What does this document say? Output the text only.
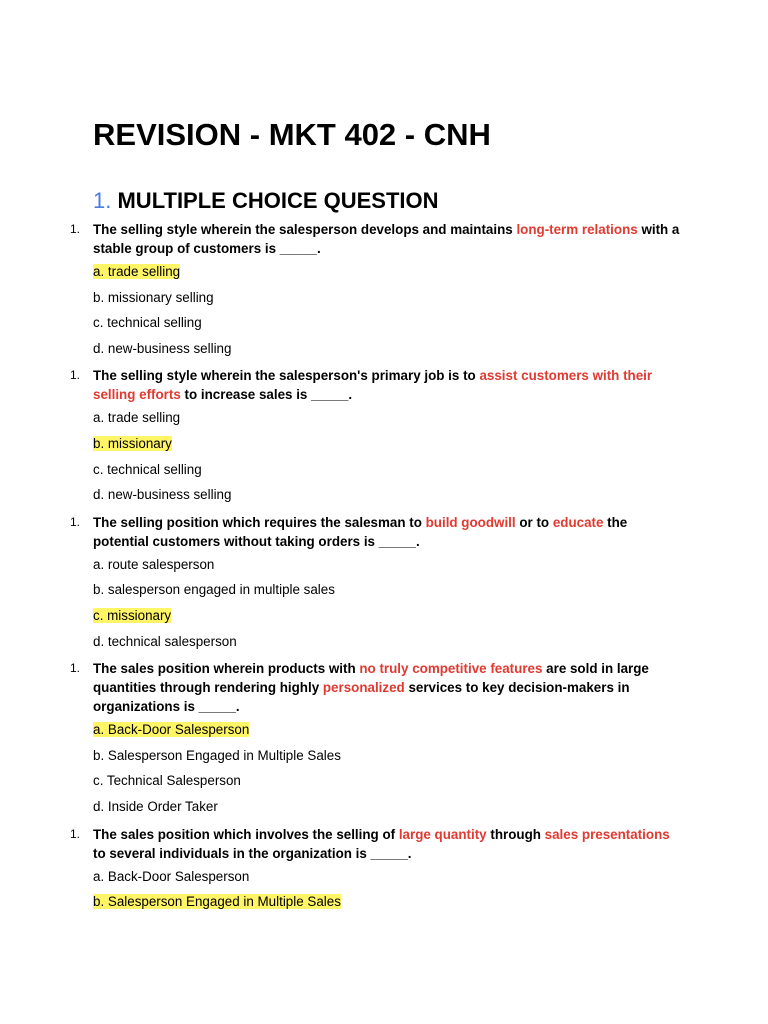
REVISION - MKT 402 - CNH
1. MULTIPLE CHOICE QUESTION
1. The selling style wherein the salesperson develops and maintains long-term relations with a stable group of customers is _____.

a. trade selling
b. missionary selling
c. technical selling
d. new-business selling
1. The selling style wherein the salesperson's primary job is to assist customers with their selling efforts to increase sales is _____.

a. trade selling
b. missionary
c. technical selling
d. new-business selling
1. The selling position which requires the salesman to build goodwill or to educate the potential customers without taking orders is _____.

a. route salesperson
b. salesperson engaged in multiple sales
c. missionary
d. technical salesperson
1. The sales position wherein products with no truly competitive features are sold in large quantities through rendering highly personalized services to key decision-makers in organizations is _____.

a. Back-Door Salesperson
b. Salesperson Engaged in Multiple Sales
c. Technical Salesperson
d. Inside Order Taker
1. The sales position which involves the selling of large quantity through sales presentations to several individuals in the organization is _____.

a. Back-Door Salesperson
b. Salesperson Engaged in Multiple Sales
